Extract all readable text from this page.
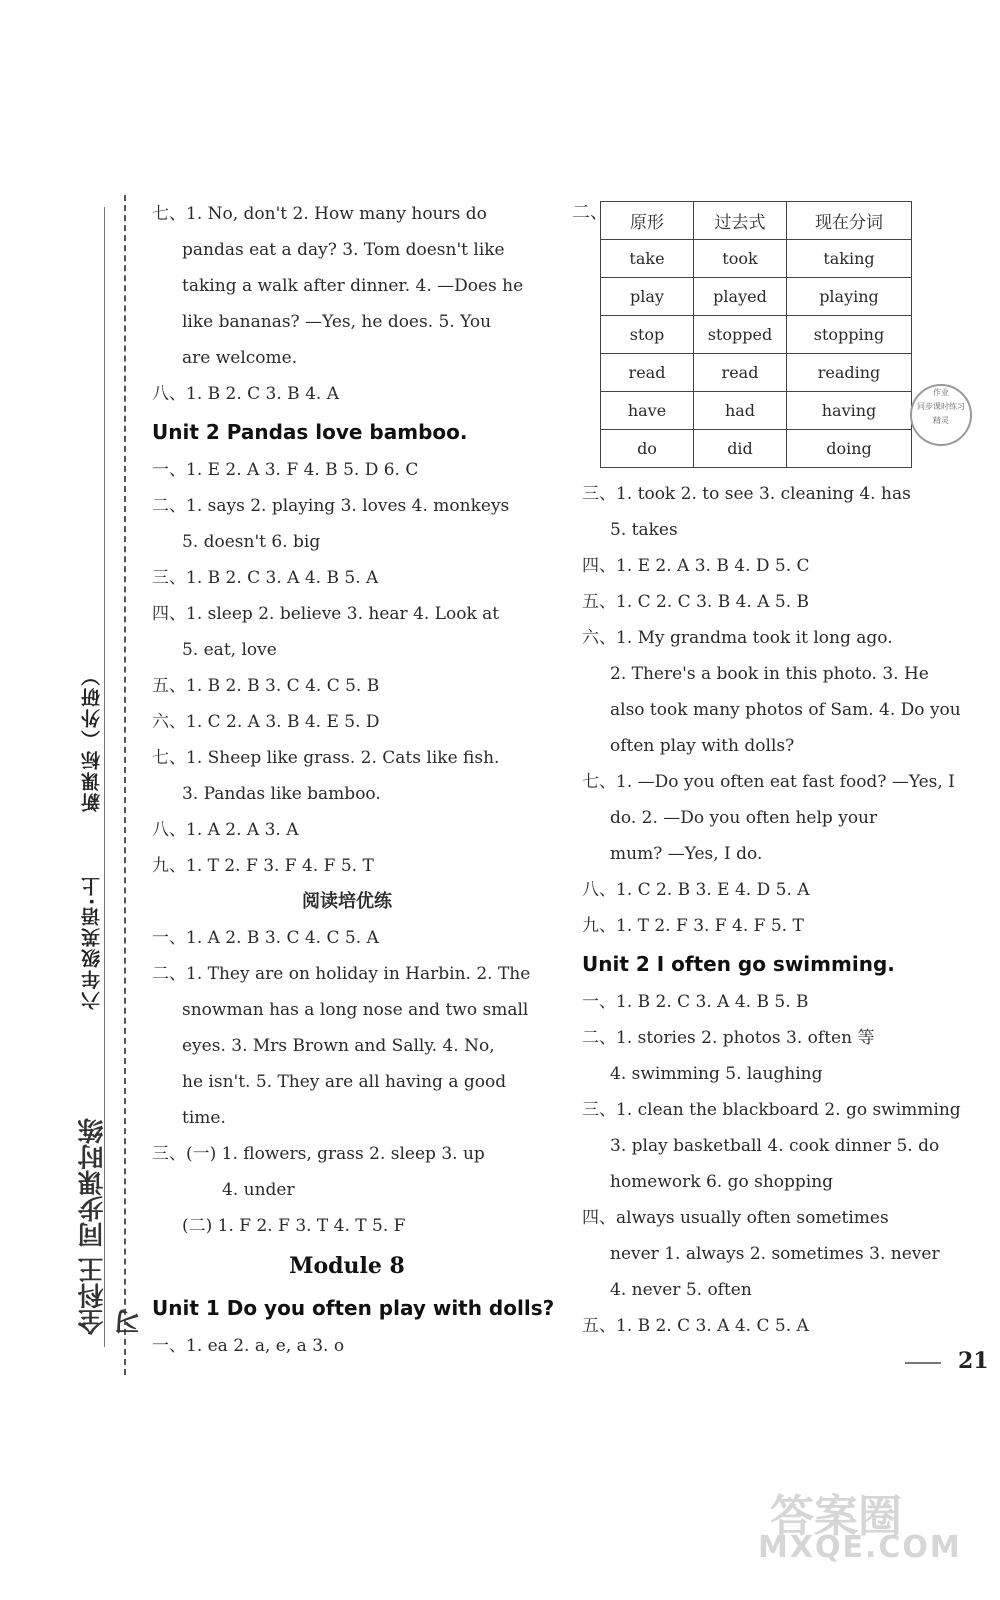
新课标（外研）
六年级英语·上
全科王 同步课时练习
七、1. No, don't 2. How many hours do
pandas eat a day? 3. Tom doesn't like
taking a walk after dinner. 4. —Does he
like bananas? —Yes, he does. 5. You
are welcome.
八、1. B 2. C 3. B 4. A
Unit 2 Pandas love bamboo.
一、1. E 2. A 3. F 4. B 5. D 6. C
二、1. says 2. playing 3. loves 4. monkeys
5. doesn't 6. big
三、1. B 2. C 3. A 4. B 5. A
四、1. sleep 2. believe 3. hear 4. Look at
5. eat, love
五、1. B 2. B 3. C 4. C 5. B
六、1. C 2. A 3. B 4. E 5. D
七、1. Sheep like grass. 2. Cats like fish.
3. Pandas like bamboo.
八、1. A 2. A 3. A
九、1. T 2. F 3. F 4. F 5. T
阅读培优练
一、1. A 2. B 3. C 4. C 5. A
二、1. They are on holiday in Harbin. 2. The
snowman has a long nose and two small
eyes. 3. Mrs Brown and Sally. 4. No,
he isn't. 5. They are all having a good
time.
三、(一) 1. flowers, grass 2. sleep 3. up
4. under
(二) 1. F 2. F 3. T 4. T 5. F
Module 8
Unit 1 Do you often play with dolls?
一、1. ea 2. a, e, a 3. o
二、 原形	过去式	现在分词
take	took	taking
play	played	playing
stop	stopped	stopping
read	read	reading
have	had	having
do	did	doing
作业
同步课时练习
精灵
三、1. took 2. to see 3. cleaning 4. has
5. takes
四、1. E 2. A 3. B 4. D 5. C
五、1. C 2. C 3. B 4. A 5. B
六、1. My grandma took it long ago.
2. There's a book in this photo. 3. He
also took many photos of Sam. 4. Do you
often play with dolls?
七、1. —Do you often eat fast food? —Yes, I
do. 2. —Do you often help your
mum? —Yes, I do.
八、1. C 2. B 3. E 4. D 5. A
九、1. T 2. F 3. F 4. F 5. T
Unit 2 I often go swimming.
一、1. B 2. C 3. A 4. B 5. B
二、1. stories 2. photos 3. often 等
4. swimming 5. laughing
三、1. clean the blackboard 2. go swimming
3. play basketball 4. cook dinner 5. do
homework 6. go shopping
四、always usually often sometimes
never 1. always 2. sometimes 3. never
4. never 5. often
五、1. B 2. C 3. A 4. C 5. A
21
答案圈
MXQE.COM
